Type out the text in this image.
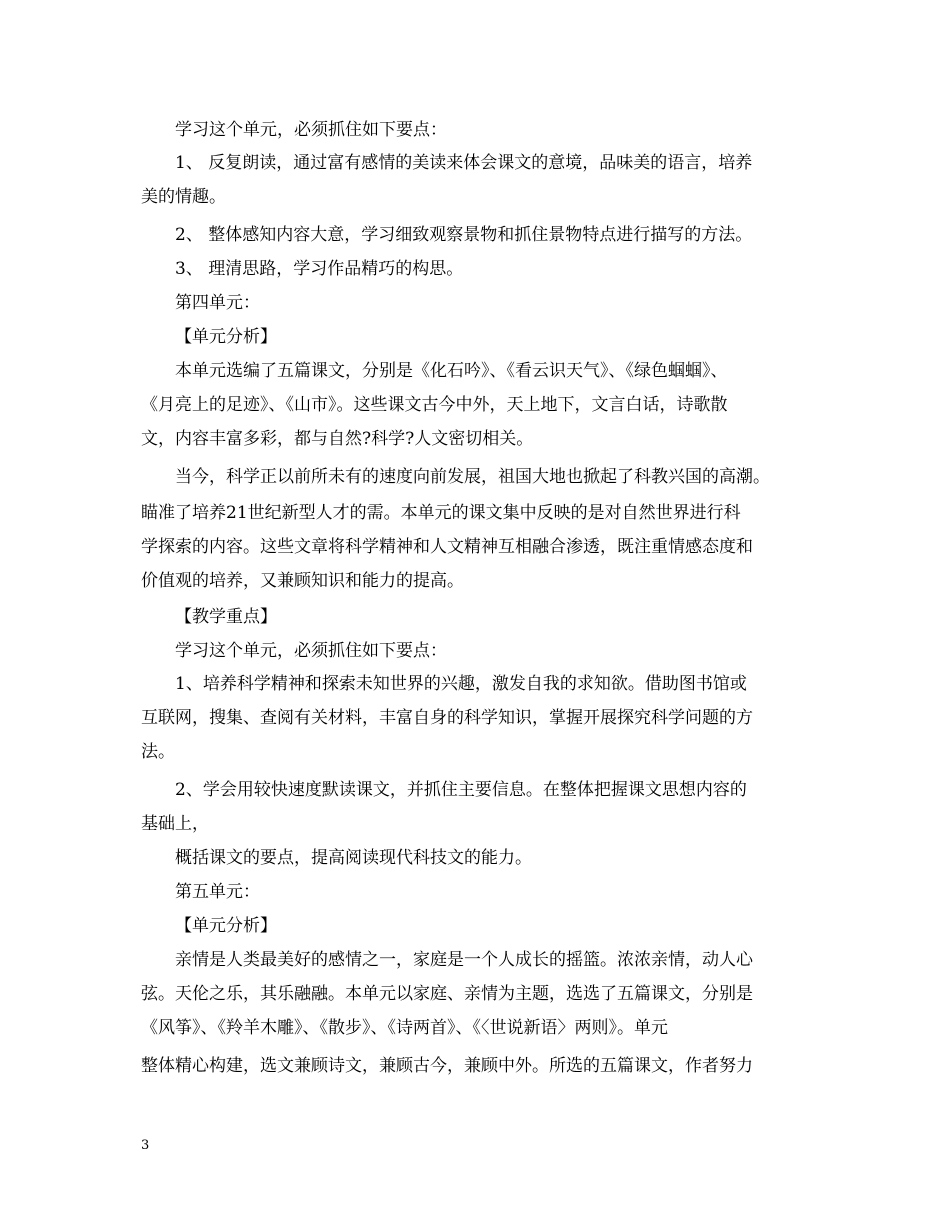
学习这个单元，必须抓住如下要点：
1、 反复朗读，通过富有感情的美读来体会课文的意境，品味美的语言，培养
美的情趣。
2、 整体感知内容大意，学习细致观察景物和抓住景物特点进行描写的方法。
3、 理清思路，学习作品精巧的构思。
第四单元：
【单元分析】
本单元选编了五篇课文，分别是《化石吟》、《看云识天气》、《绿色蝈蝈》、
《月亮上的足迹》、《山市》。这些课文古今中外，天上地下，文言白话，诗歌散
文，内容丰富多彩，都与自然?科学?人文密切相关。
当今，科学正以前所未有的速度向前发展，祖国大地也掀起了科教兴国的高潮。
瞄准了培养21世纪新型人才的需。本单元的课文集中反映的是对自然世界进行科
学探索的内容。这些文章将科学精神和人文精神互相融合渗透，既注重情感态度和
价值观的培养，又兼顾知识和能力的提高。
【教学重点】
学习这个单元，必须抓住如下要点：
1、培养科学精神和探索未知世界的兴趣，激发自我的求知欲。借助图书馆或
互联网，搜集、查阅有关材料，丰富自身的科学知识，掌握开展探究科学问题的方
法。
2、学会用较快速度默读课文，并抓住主要信息。在整体把握课文思想内容的
基础上，
概括课文的要点，提高阅读现代科技文的能力。
第五单元：
【单元分析】
亲情是人类最美好的感情之一，家庭是一个人成长的摇篮。浓浓亲情，动人心
弦。天伦之乐，其乐融融。本单元以家庭、亲情为主题，选选了五篇课文，分别是
《风筝》、《羚羊木雕》、《散步》、《诗两首》、《〈世说新语〉两则》。单元
整体精心构建，选文兼顾诗文，兼顾古今，兼顾中外。所选的五篇课文，作者努力
3
